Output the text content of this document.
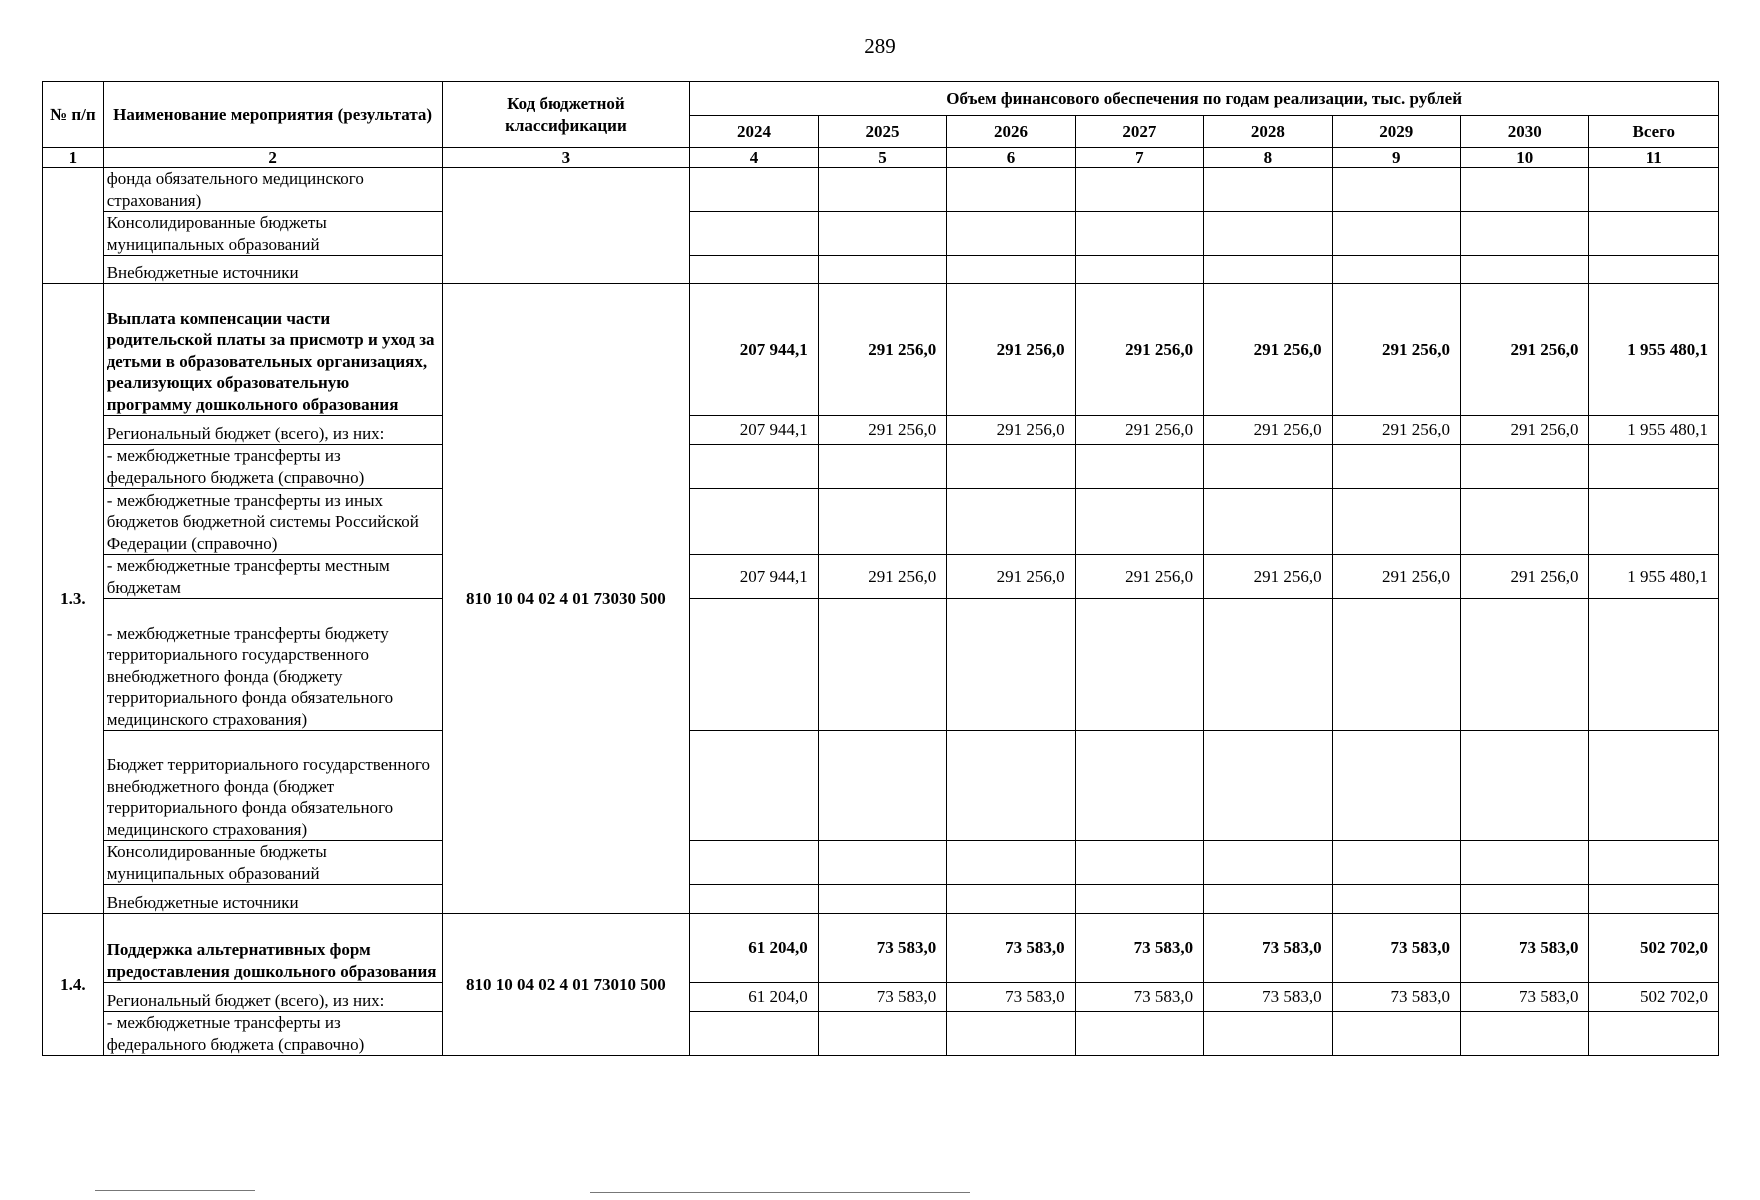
289
№ п/п	Наименование мероприятия (результата)	Код бюджетной классификации	Объем финансового обеспечения по годам реализации, тыс. рублей							
			2024	2025	2026	2027	2028	2029	2030	Всего
1	2	3	4	5	6	7	8	9	10	11
	фонда обязательного медицинского страхования)									
	Консолидированные бюджеты муниципальных образований									
	Внебюджетные источники									
1.3.	Выплата компенсации части родительской платы за присмотр и уход за детьми в образовательных организациях, реализующих образовательную программу дошкольного образования	810 10 04 02 4 01 73030 500	207 944,1	291 256,0	291 256,0	291 256,0	291 256,0	291 256,0	291 256,0	1 955 480,1
	Региональный бюджет (всего), из них:		207 944,1	291 256,0	291 256,0	291 256,0	291 256,0	291 256,0	291 256,0	1 955 480,1
	- межбюджетные трансферты из федерального бюджета (справочно)									
	- межбюджетные трансферты из иных бюджетов бюджетной системы Российской Федерации (справочно)									
	- межбюджетные трансферты местным бюджетам		207 944,1	291 256,0	291 256,0	291 256,0	291 256,0	291 256,0	291 256,0	1 955 480,1
	- межбюджетные трансферты бюджету территориального государственного внебюджетного фонда (бюджету территориального фонда обязательного медицинского страхования)									
	Бюджет территориального государственного внебюджетного фонда (бюджет территориального фонда обязательного медицинского страхования)									
	Консолидированные бюджеты муниципальных образований									
	Внебюджетные источники									
1.4.	Поддержка альтернативных форм предоставления дошкольного образования	810 10 04 02 4 01 73010 500	61 204,0	73 583,0	73 583,0	73 583,0	73 583,0	73 583,0	73 583,0	502 702,0
	Региональный бюджет (всего), из них:		61 204,0	73 583,0	73 583,0	73 583,0	73 583,0	73 583,0	73 583,0	502 702,0
	- межбюджетные трансферты из федерального бюджета (справочно)									
